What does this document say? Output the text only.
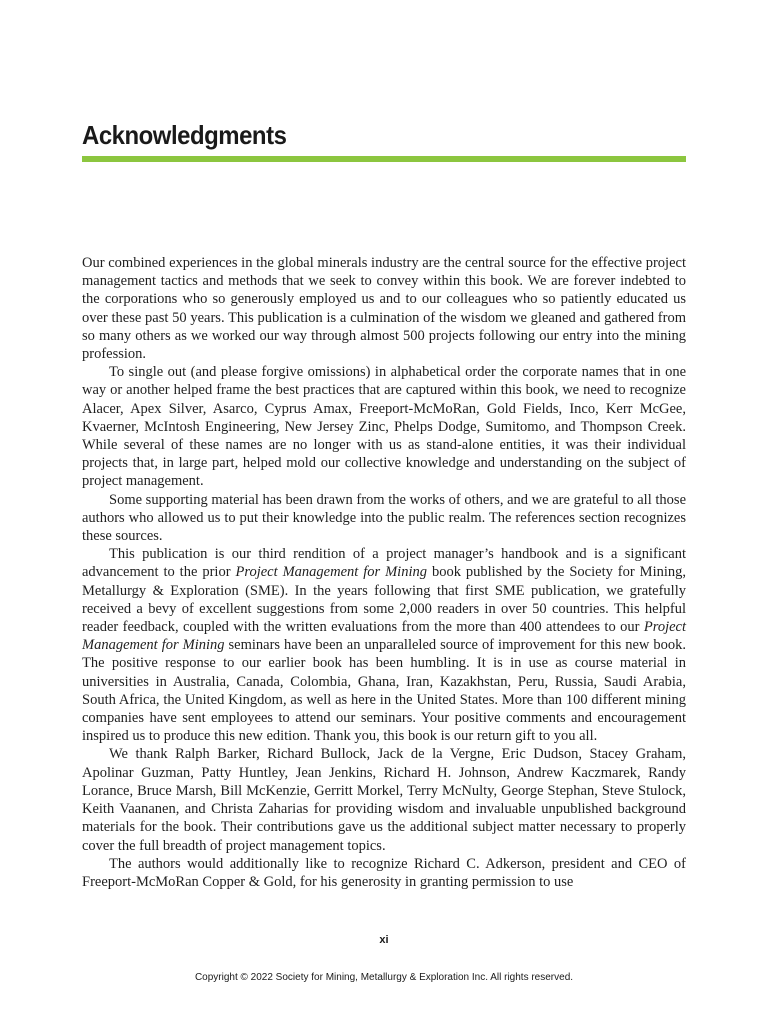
Acknowledgments

Our combined experiences in the global minerals industry are the central source for the effective project management tactics and methods that we seek to convey within this book. We are forever indebted to the corporations who so generously employed us and to our colleagues who so patiently educated us over these past 50 years. This publication is a culmination of the wisdom we gleaned and gathered from so many others as we worked our way through almost 500 projects following our entry into the mining profession.

To single out (and please forgive omissions) in alphabetical order the corporate names that in one way or another helped frame the best practices that are captured within this book, we need to recognize Alacer, Apex Silver, Asarco, Cyprus Amax, Freeport-McMoRan, Gold Fields, Inco, Kerr McGee, Kvaerner, McIntosh Engineering, New Jersey Zinc, Phelps Dodge, Sumitomo, and Thompson Creek. While several of these names are no longer with us as stand-alone entities, it was their individual projects that, in large part, helped mold our collective knowledge and understanding on the subject of project management.

Some supporting material has been drawn from the works of others, and we are grateful to all those authors who allowed us to put their knowledge into the public realm. The references section recognizes these sources.

This publication is our third rendition of a project manager’s handbook and is a significant advancement to the prior Project Management for Mining book published by the Society for Mining, Metallurgy & Exploration (SME). In the years following that first SME publication, we gratefully received a bevy of excellent suggestions from some 2,000 readers in over 50 countries. This helpful reader feedback, coupled with the written evaluations from the more than 400 attendees to our Project Management for Mining seminars have been an unparalleled source of improvement for this new book. The positive response to our earlier book has been humbling. It is in use as course material in universities in Australia, Canada, Colombia, Ghana, Iran, Kazakhstan, Peru, Russia, Saudi Arabia, South Africa, the United Kingdom, as well as here in the United States. More than 100 different mining companies have sent employees to attend our seminars. Your positive comments and encouragement inspired us to produce this new edition. Thank you, this book is our return gift to you all.

We thank Ralph Barker, Richard Bullock, Jack de la Vergne, Eric Dudson, Stacey Graham, Apolinar Guzman, Patty Huntley, Jean Jenkins, Richard H. Johnson, Andrew Kaczmarek, Randy Lorance, Bruce Marsh, Bill McKenzie, Gerritt Morkel, Terry McNulty, George Stephan, Steve Stulock, Keith Vaananen, and Christa Zaharias for providing wisdom and invaluable unpublished background materials for the book. Their contributions gave us the additional subject matter necessary to properly cover the full breadth of project management topics.

The authors would additionally like to recognize Richard C. Adkerson, president and CEO of Freeport-McMoRan Copper & Gold, for his generosity in granting permission to use

xi
Copyright © 2022 Society for Mining, Metallurgy & Exploration Inc. All rights reserved.
